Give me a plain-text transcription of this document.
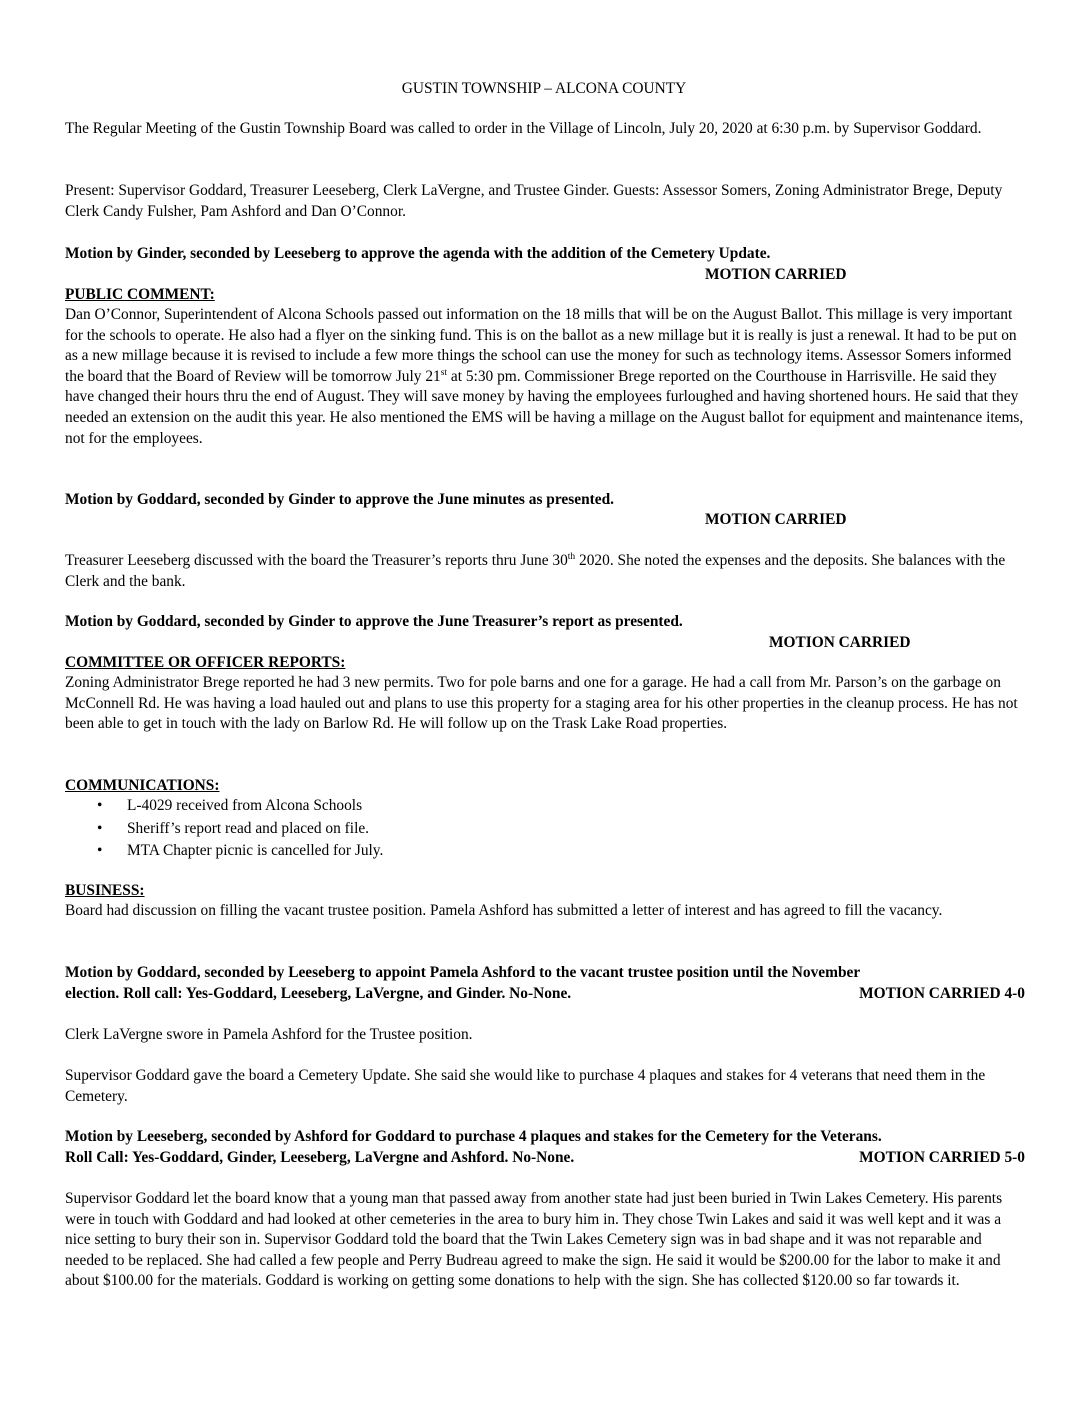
GUSTIN TOWNSHIP – ALCONA COUNTY

The Regular Meeting of the Gustin Township Board was called to order in the Village of Lincoln, July 20, 2020 at 6:30 p.m. by Supervisor Goddard.

Present: Supervisor Goddard, Treasurer Leeseberg, Clerk LaVergne, and Trustee Ginder. Guests: Assessor Somers, Zoning Administrator Brege, Deputy Clerk Candy Fulsher, Pam Ashford and Dan O’Connor.

Motion by Ginder, seconded by Leeseberg to approve the agenda with the addition of the Cemetery Update.

MOTION CARRIED
PUBLIC COMMENT:

Dan O’Connor, Superintendent of Alcona Schools passed out information on the 18 mills that will be on the August Ballot. This millage is very important for the schools to operate. He also had a flyer on the sinking fund. This is on the ballot as a new millage but it is really is just a renewal. It had to be put on as a new millage because it is revised to include a few more things the school can use the money for such as technology items. Assessor Somers informed the board that the Board of Review will be tomorrow July 21st at 5:30 pm. Commissioner Brege reported on the Courthouse in Harrisville. He said they have changed their hours thru the end of August. They will save money by having the employees furloughed and having shortened hours. He said that they needed an extension on the audit this year. He also mentioned the EMS will be having a millage on the August ballot for equipment and maintenance items, not for the employees.

Motion by Goddard, seconded by Ginder to approve the June minutes as presented.

MOTION CARRIED

Treasurer Leeseberg discussed with the board the Treasurer’s reports thru June 30th 2020. She noted the expenses and the deposits. She balances with the Clerk and the bank.

Motion by Goddard, seconded by Ginder to approve the June Treasurer’s report as presented.

MOTION CARRIED
COMMITTEE OR OFFICER REPORTS:

Zoning Administrator Brege reported he had 3 new permits. Two for pole barns and one for a garage. He had a call from Mr. Parson’s on the garbage on McConnell Rd. He was having a load hauled out and plans to use this property for a staging area for his other properties in the cleanup process. He has not been able to get in touch with the lady on Barlow Rd. He will follow up on the Trask Lake Road properties.

COMMUNICATIONS:
• L-4029 received from Alcona Schools
• Sheriff’s report read and placed on file.
• MTA Chapter picnic is cancelled for July.
BUSINESS:

Board had discussion on filling the vacant trustee position. Pamela Ashford has submitted a letter of interest and has agreed to fill the vacancy.

Motion by Goddard, seconded by Leeseberg to appoint Pamela Ashford to the vacant trustee position until the November
election. Roll call: Yes-Goddard, Leeseberg, LaVergne, and Ginder. No-None.	MOTION CARRIED 4-0

Clerk LaVergne swore in Pamela Ashford for the Trustee position.

Supervisor Goddard gave the board a Cemetery Update. She said she would like to purchase 4 plaques and stakes for 4 veterans that need them in the Cemetery.

Motion by Leeseberg, seconded by Ashford for Goddard to purchase 4 plaques and stakes for the Cemetery for the Veterans.
Roll Call: Yes-Goddard, Ginder, Leeseberg, LaVergne and Ashford. No-None.	MOTION CARRIED 5-0

Supervisor Goddard let the board know that a young man that passed away from another state had just been buried in Twin Lakes Cemetery. His parents were in touch with Goddard and had looked at other cemeteries in the area to bury him in. They chose Twin Lakes and said it was well kept and it was a nice setting to bury their son in. Supervisor Goddard told the board that the Twin Lakes Cemetery sign was in bad shape and it was not reparable and needed to be replaced. She had called a few people and Perry Budreau agreed to make the sign. He said it would be $200.00 for the labor to make it and about $100.00 for the materials. Goddard is working on getting some donations to help with the sign. She has collected $120.00 so far towards it.
